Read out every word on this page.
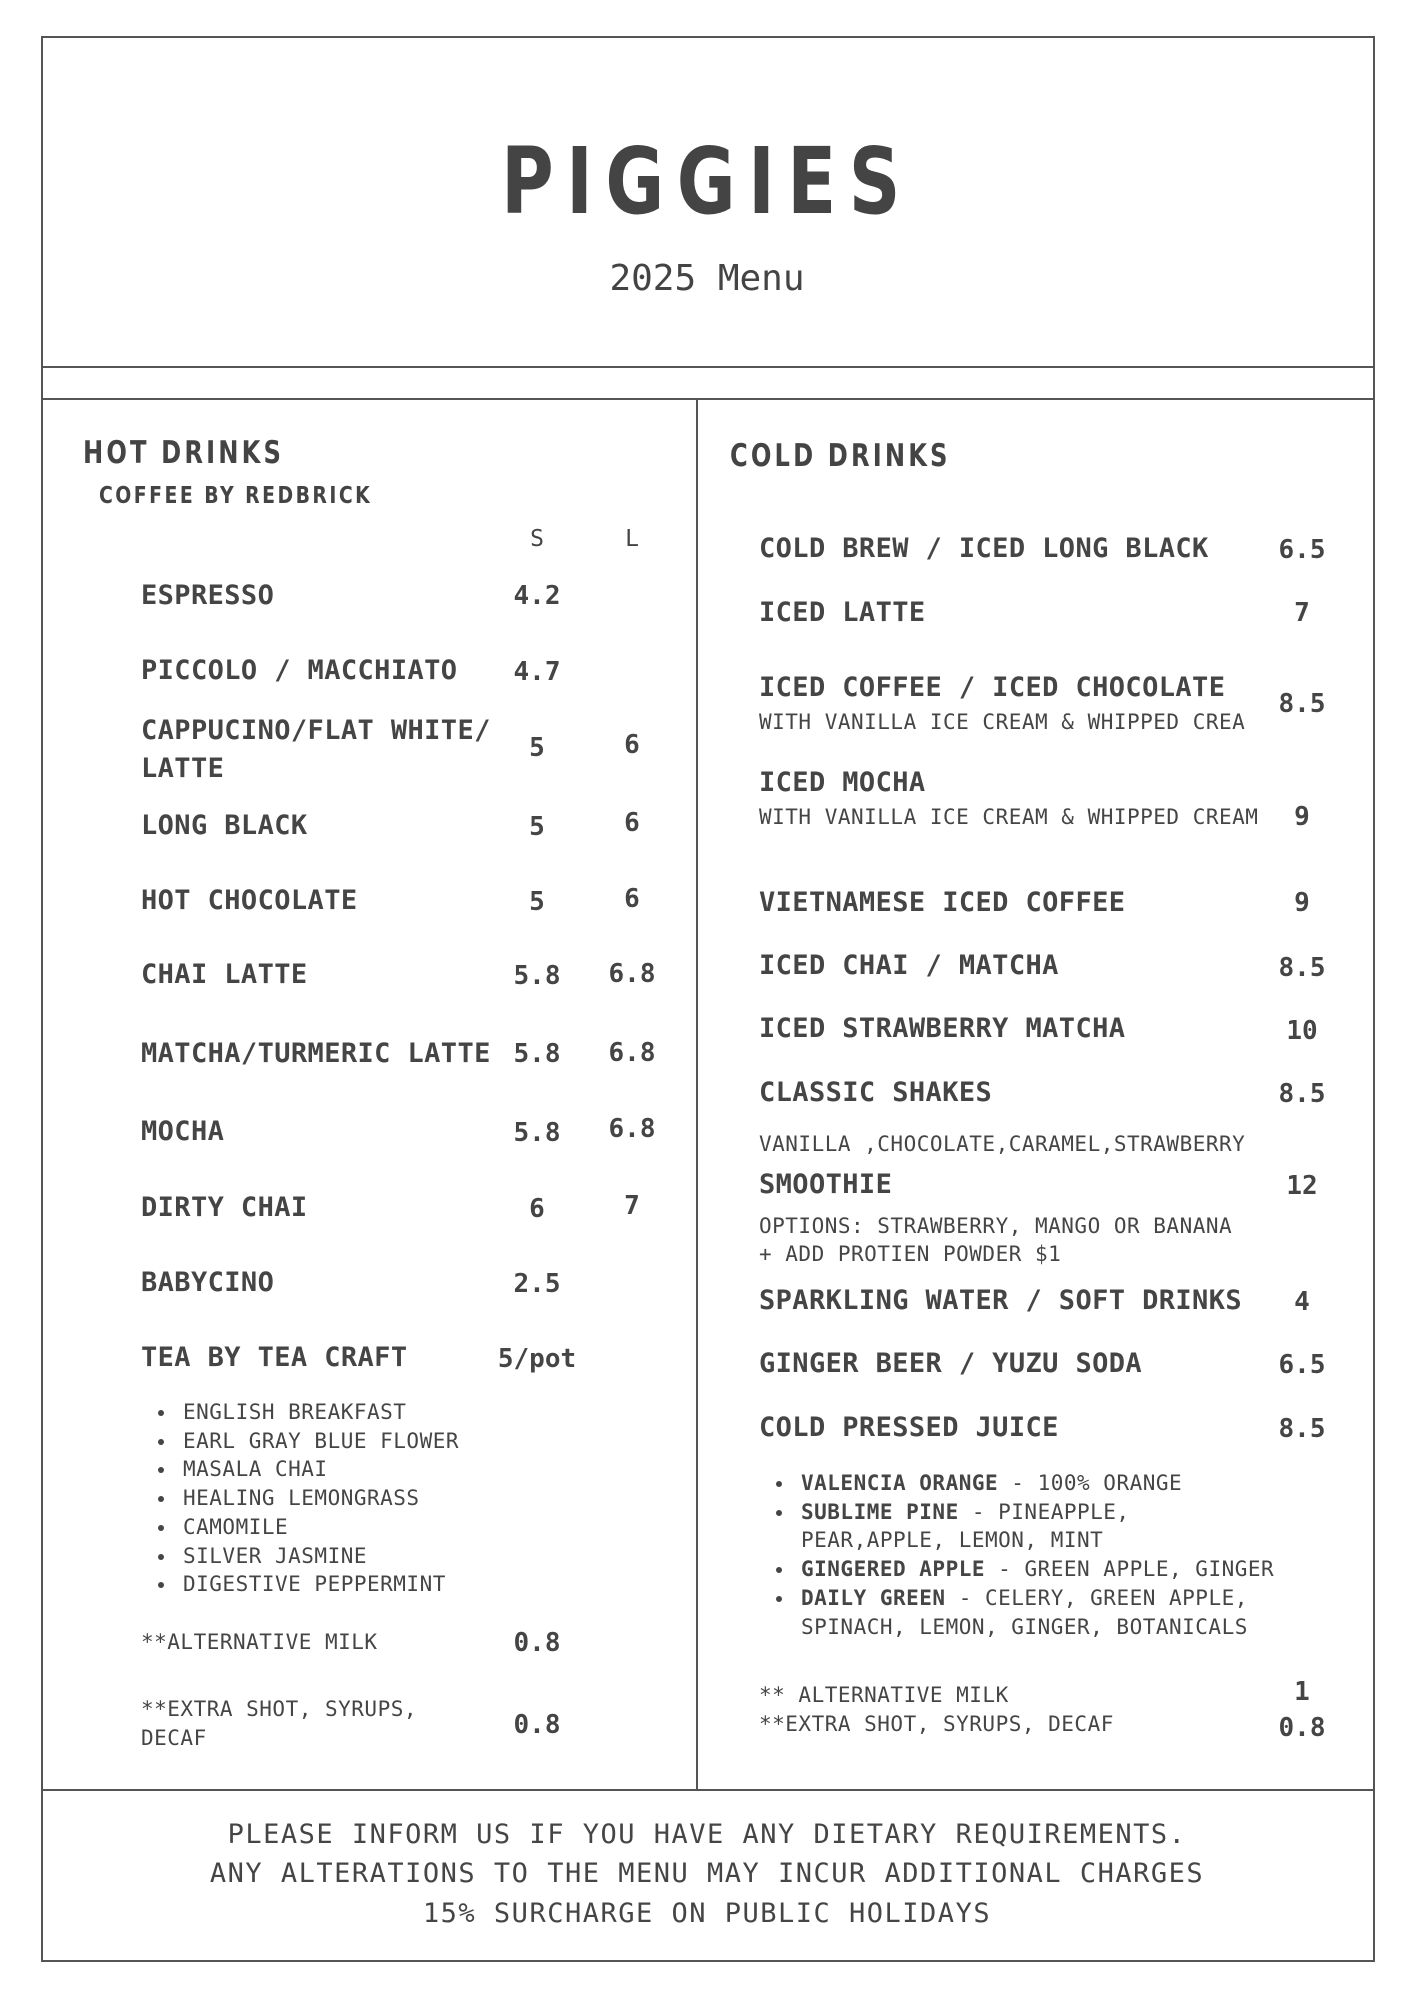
PIGGIES
2025 Menu
HOT DRINKS
COFFEE BY REDBRICK
S	L
ESPRESSO	4.2
PICCOLO / MACCHIATO	4.7
CAPPUCINO/FLAT WHITE/
LATTE
5	6
LONG BLACK	5	6
HOT CHOCOLATE	5	6
CHAI LATTE	5.8	6.8
MATCHA/TURMERIC LATTE 5.8	6.8
MOCHA	5.8	6.8
DIRTY CHAI	6	7
BABYCINO	2.5
TEA BY TEA CRAFT	5/pot
• ENGLISH BREAKFAST
• EARL GRAY BLUE FLOWER
• MASALA CHAI
• HEALING LEMONGRASS
• CAMOMILE
• SILVER JASMINE
• DIGESTIVE PEPPERMINT
**ALTERNATIVE MILK	0.8
**EXTRA SHOT, SYRUPS,
DECAF	0.8
COLD DRINKS
COLD BREW / ICED LONG BLACK	6.5
ICED LATTE	7
ICED COFFEE / ICED CHOCOLATE
WITH VANILLA ICE CREAM & WHIPPED CREA
8.5
ICED MOCHA
WITH VANILLA ICE CREAM & WHIPPED CREAM	9
VIETNAMESE ICED COFFEE	9
ICED CHAI / MATCHA	8.5
ICED STRAWBERRY MATCHA	10
CLASSIC SHAKES	8.5
VANILLA ,CHOCOLATE,CARAMEL,STRAWBERRY
SMOOTHIE	12
OPTIONS: STRAWBERRY, MANGO OR BANANA
+ ADD PROTIEN POWDER $1
SPARKLING WATER / SOFT DRINKS	4
GINGER BEER / YUZU SODA	6.5
COLD PRESSED JUICE	8.5
• VALENCIA ORANGE - 100% ORANGE
• SUBLIME PINE - PINEAPPLE,
PEAR,APPLE, LEMON, MINT
• GINGERED APPLE - GREEN APPLE, GINGER
• DAILY GREEN - CELERY, GREEN APPLE,
SPINACH, LEMON, GINGER, BOTANICALS
** ALTERNATIVE MILK	1
**EXTRA SHOT, SYRUPS, DECAF	0.8
PLEASE INFORM US IF YOU HAVE ANY DIETARY REQUIREMENTS.
ANY ALTERATIONS TO THE MENU MAY INCUR ADDITIONAL CHARGES
15% SURCHARGE ON PUBLIC HOLIDAYS
